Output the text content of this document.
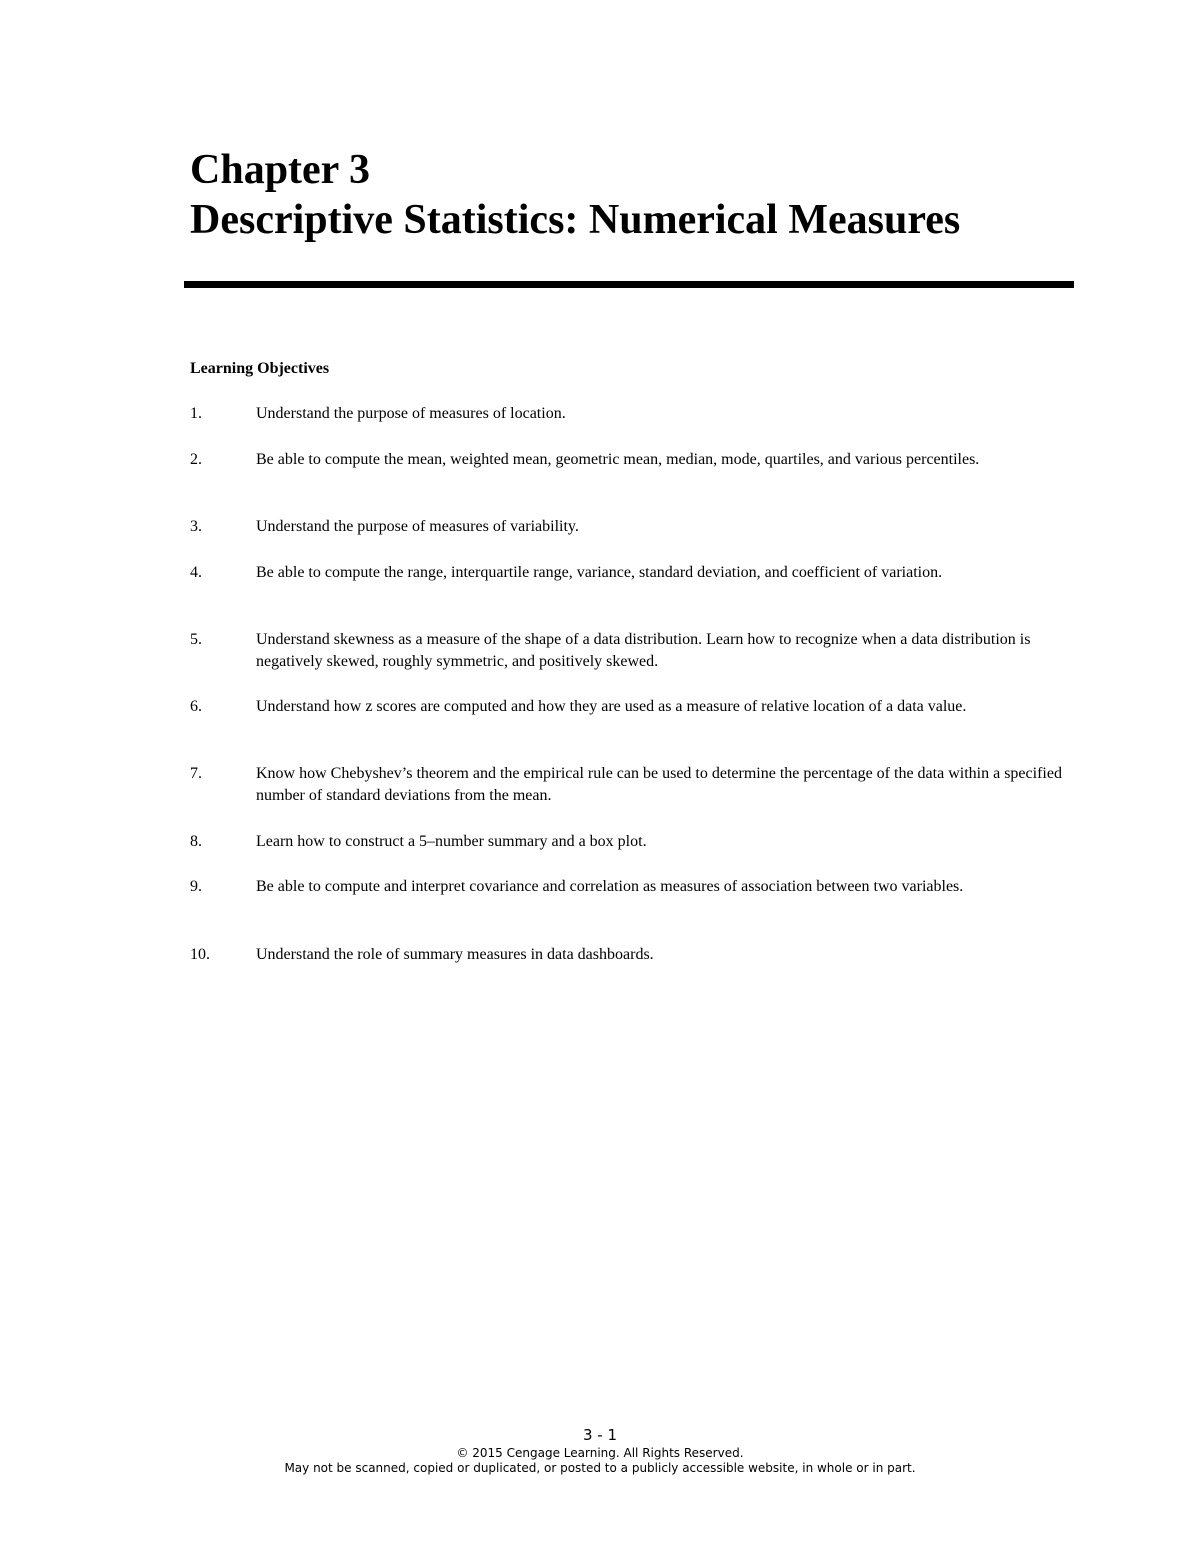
Chapter 3
Descriptive Statistics: Numerical Measures
Learning Objectives
1.	Understand the purpose of measures of location.
2.	Be able to compute the mean, weighted mean, geometric mean, median, mode, quartiles, and various percentiles.
3.	Understand the purpose of measures of variability.
4.	Be able to compute the range, interquartile range, variance, standard deviation, and coefficient of variation.
5.	Understand skewness as a measure of the shape of a data distribution. Learn how to recognize when a data distribution is negatively skewed, roughly symmetric, and positively skewed.
6.	Understand how z scores are computed and how they are used as a measure of relative location of a data value.
7.	Know how Chebyshev’s theorem and the empirical rule can be used to determine the percentage of the data within a specified number of standard deviations from the mean.
8.	Learn how to construct a 5–number summary and a box plot.
9.	Be able to compute and interpret covariance and correlation as measures of association between two variables.
10.	Understand the role of summary measures in data dashboards.
3 - 1
© 2015 Cengage Learning. All Rights Reserved.
May not be scanned, copied or duplicated, or posted to a publicly accessible website, in whole or in part.
